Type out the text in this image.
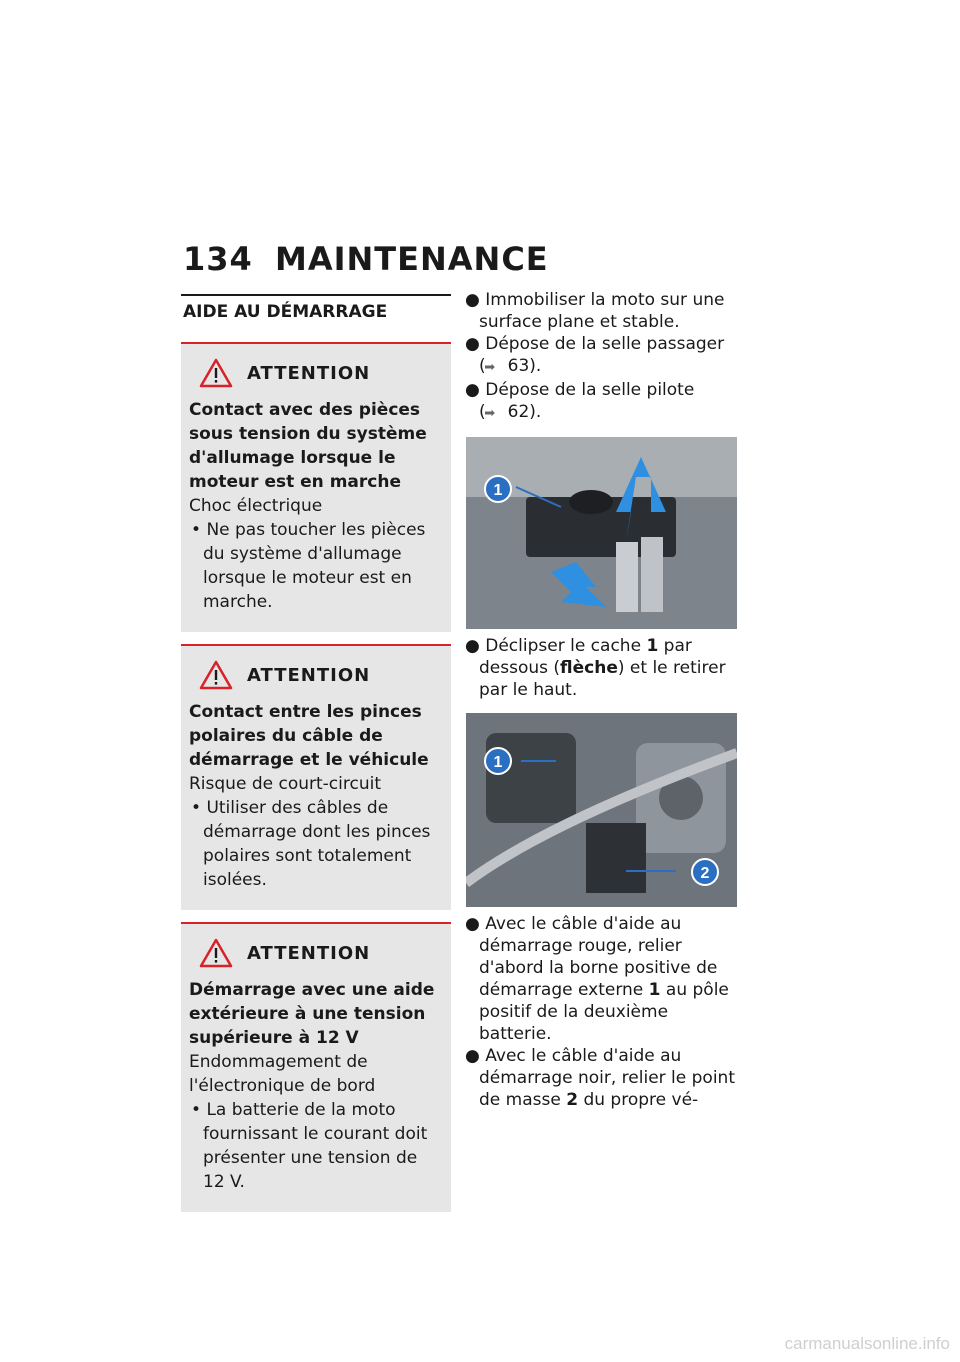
134 MAINTENANCE
AIDE AU DÉMARRAGE
ATTENTION
Contact avec des pièces sous tension du système d'allumage lorsque le moteur est en marche
Choc électrique
• Ne pas toucher les pièces du système d'allumage lorsque le moteur est en marche.
ATTENTION
Contact entre les pinces polaires du câble de démarrage et le véhicule
Risque de court-circuit
• Utiliser des câbles de démarrage dont les pinces polaires sont totalement isolées.
ATTENTION
Démarrage avec une aide extérieure à une tension supérieure à 12 V
Endommagement de l'électronique de bord
• La batterie de la moto fournissant le courant doit présenter une tension de 12 V.
● Immobiliser la moto sur une surface plane et stable.
● Dépose de la selle passager
(➡ 63).
● Dépose de la selle pilote
(➡ 62).
1
● Déclipser le cache 1 par dessous (flèche) et le retirer par le haut.
1
2
● Avec le câble d'aide au démarrage rouge, relier d'abord la borne positive de démarrage externe 1 au pôle positif de la deuxième batterie.
● Avec le câble d'aide au démarrage noir, relier le point de masse 2 du propre vé-
carmanualsonline.info
